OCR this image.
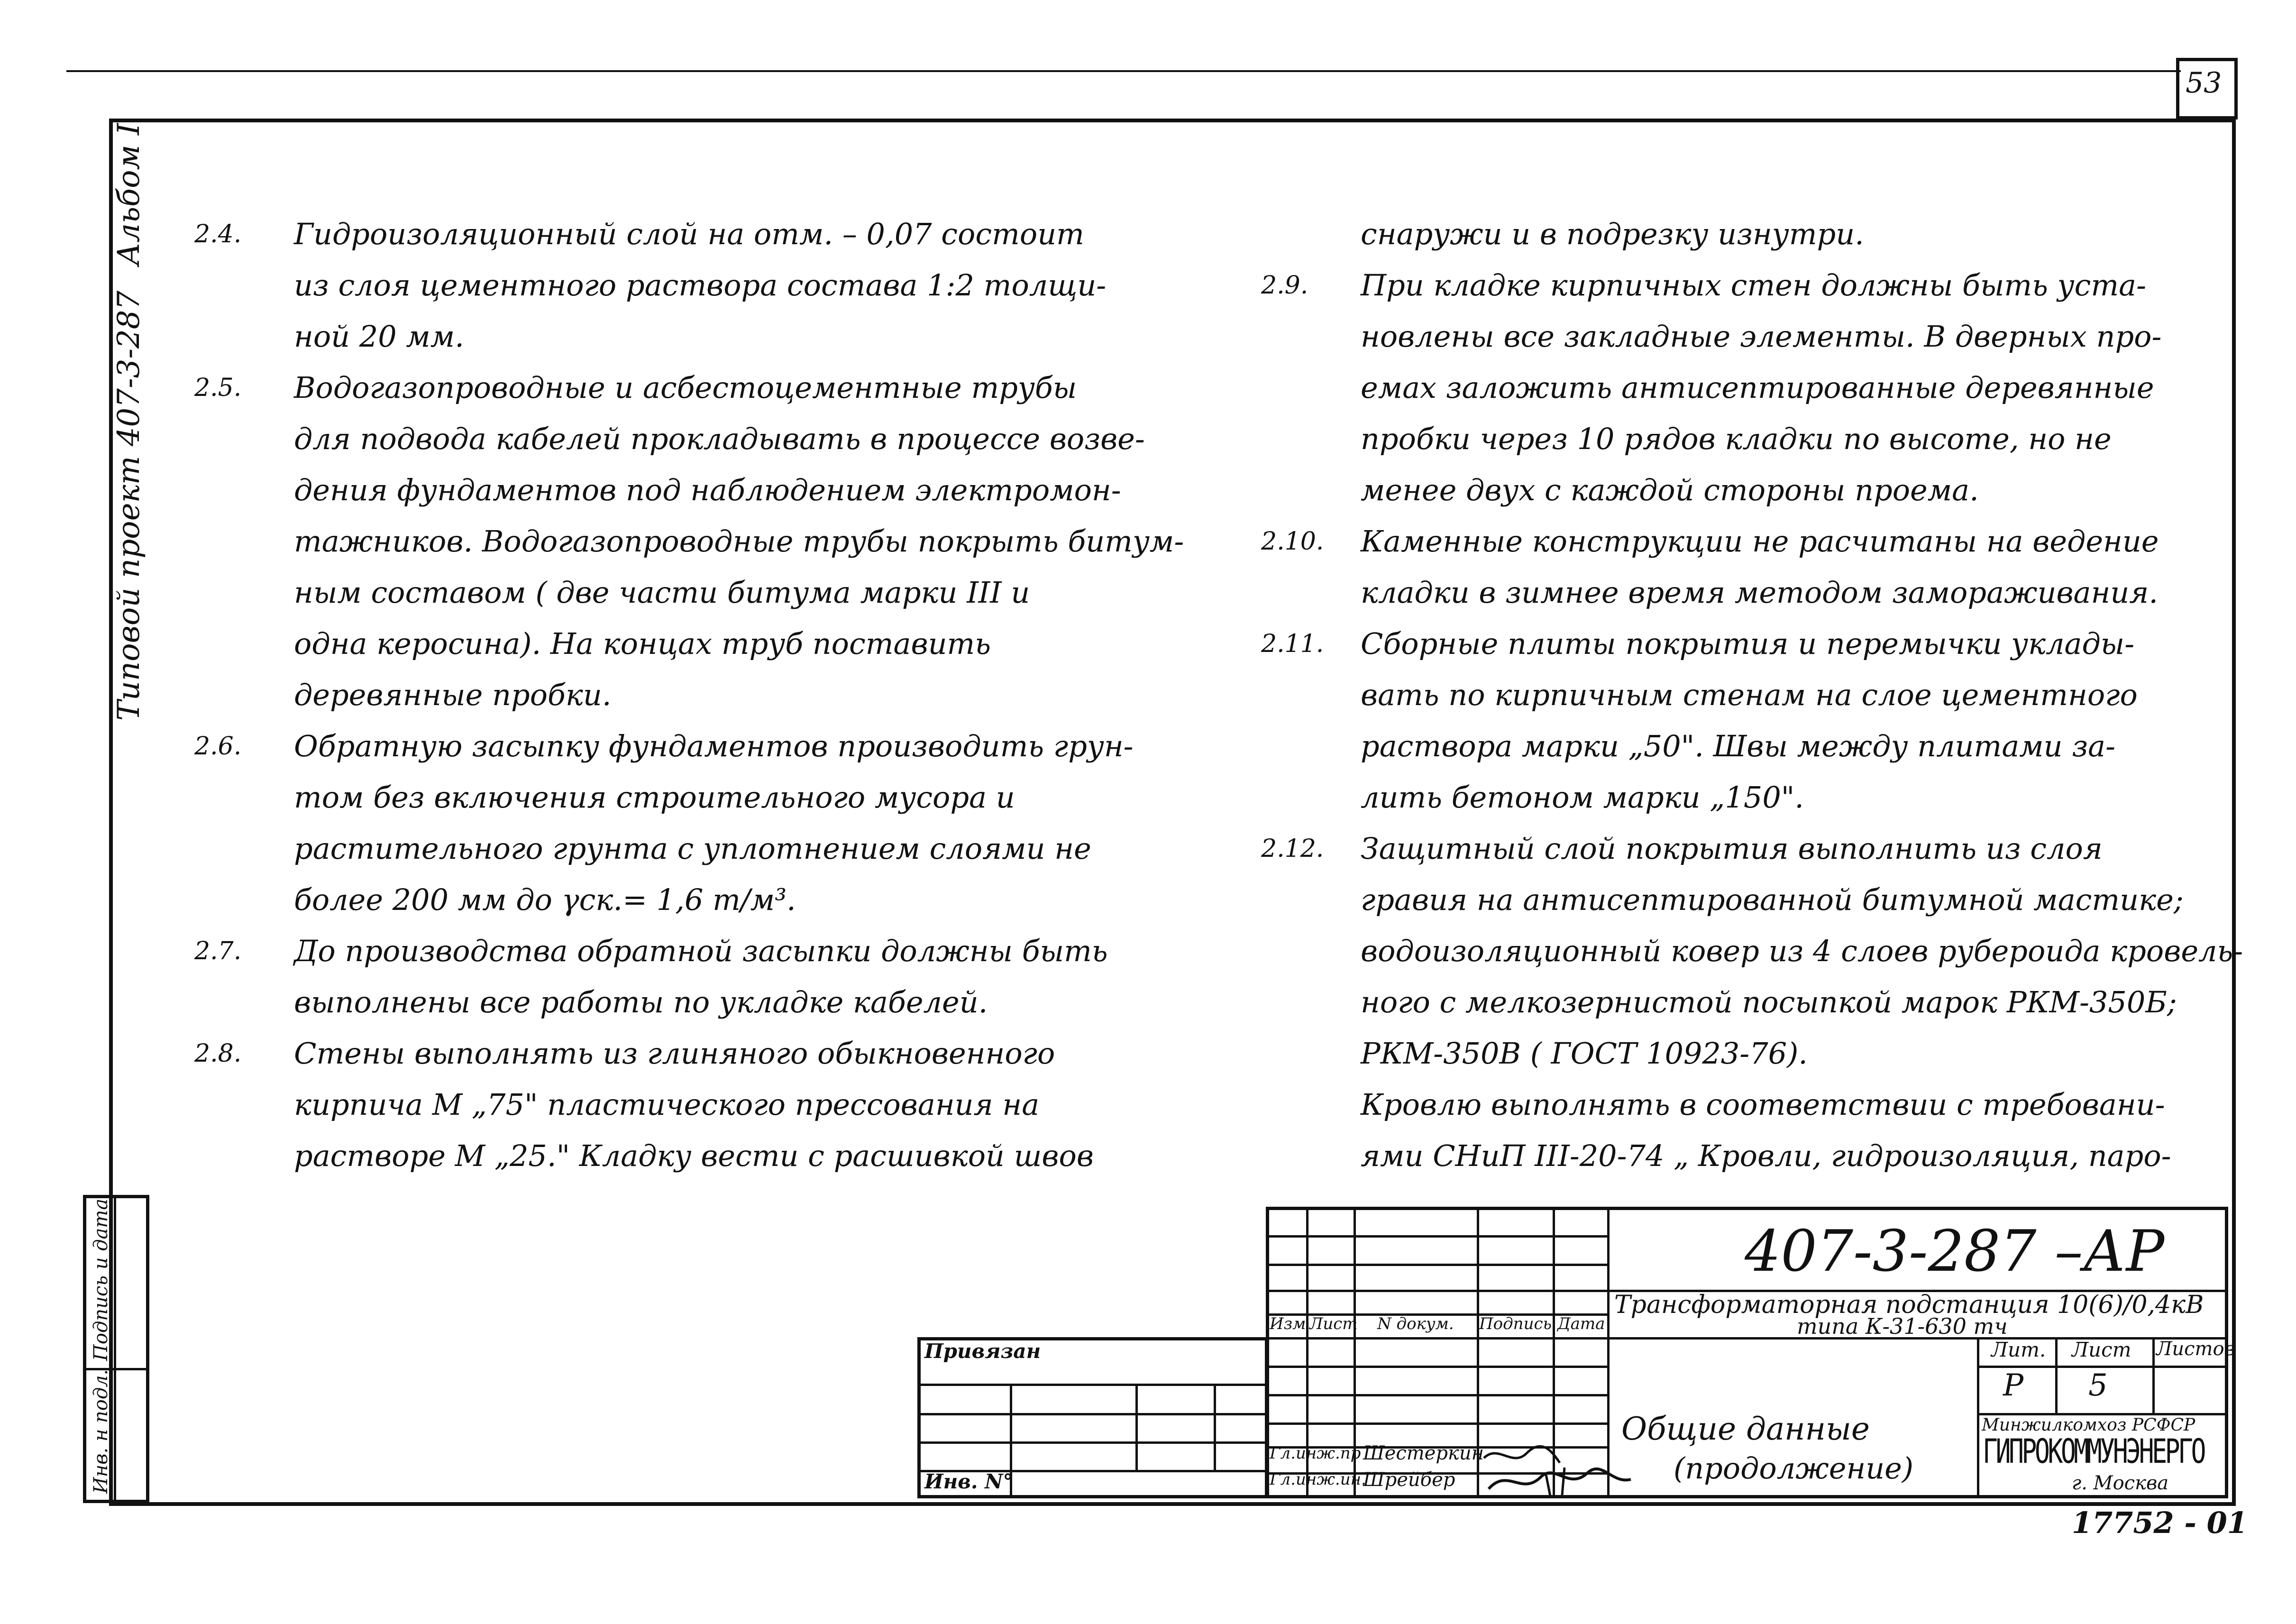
53
Альбом I
Типовой проект 407-3-287
Подпись и дата
Инв. н подл.
2.4. Гидроизоляционный слой на отм. – 0,07 состоит
из слоя цементного раствора состава 1:2 толщи-
ной 20 мм.
2.5. Водогазопроводные и асбестоцементные трубы
для подвода кабелей прокладывать в процессе возве-
дения фундаментов под наблюдением электромон-
тажников. Водогазопроводные трубы покрыть битум-
ным составом ( две части битума марки III и
одна керосина). На концах труб поставить
деревянные пробки.
2.6. Обратную засыпку фундаментов производить грун-
том без включения строительного мусора и
растительного грунта с уплотнением слоями не
более 200 мм до γск.= 1,6 т/м³.
2.7. До производства обратной засыпки должны быть
выполнены все работы по укладке кабелей.
2.8. Стены выполнять из глиняного обыкновенного
кирпича М „75" пластического прессования на
растворе М „25." Кладку вести с расшивкой швов
снаружи и в подрезку изнутри.
2.9. При кладке кирпичных стен должны быть уста-
новлены все закладные элементы. В дверных про-
емах заложить антисептированные деревянные
пробки через 10 рядов кладки по высоте, но не
менее двух с каждой стороны проема.
2.10. Каменные конструкции не расчитаны на ведение
кладки в зимнее время методом замораживания.
2.11. Сборные плиты покрытия и перемычки уклады-
вать по кирпичным стенам на слое цементного
раствора марки „50". Швы между плитами за-
лить бетоном марки „150".
2.12. Защитный слой покрытия выполнить из слоя
гравия на антисептированной битумной мастике;
водоизоляционный ковер из 4 слоев рубероида кровель-
ного с мелкозернистой посыпкой марок РКМ-350Б;
РКМ-350В ( ГОСТ 10923-76).
Кровлю выполнять в соответствии с требовани-
ями СНиП III-20-74 „ Кровли, гидроизоляция, паро-
Привязан
Инв. N°
Изм Лист N докум. Подпись Дата
Гл.инж.пр Шестеркин
Гл.инж.ин.
Шрейбер
407-3-287 –АР
Трансформаторная подстанция 10(6)/0,4кВ
типа К-31-630 тч
Лит. Лист Листов
Р 5
Общие данные
(продолжение)
Минжилкомхоз РСФСР
ГИПРОКОММУНЭНЕРГО
г. Москва
17752 - 01
